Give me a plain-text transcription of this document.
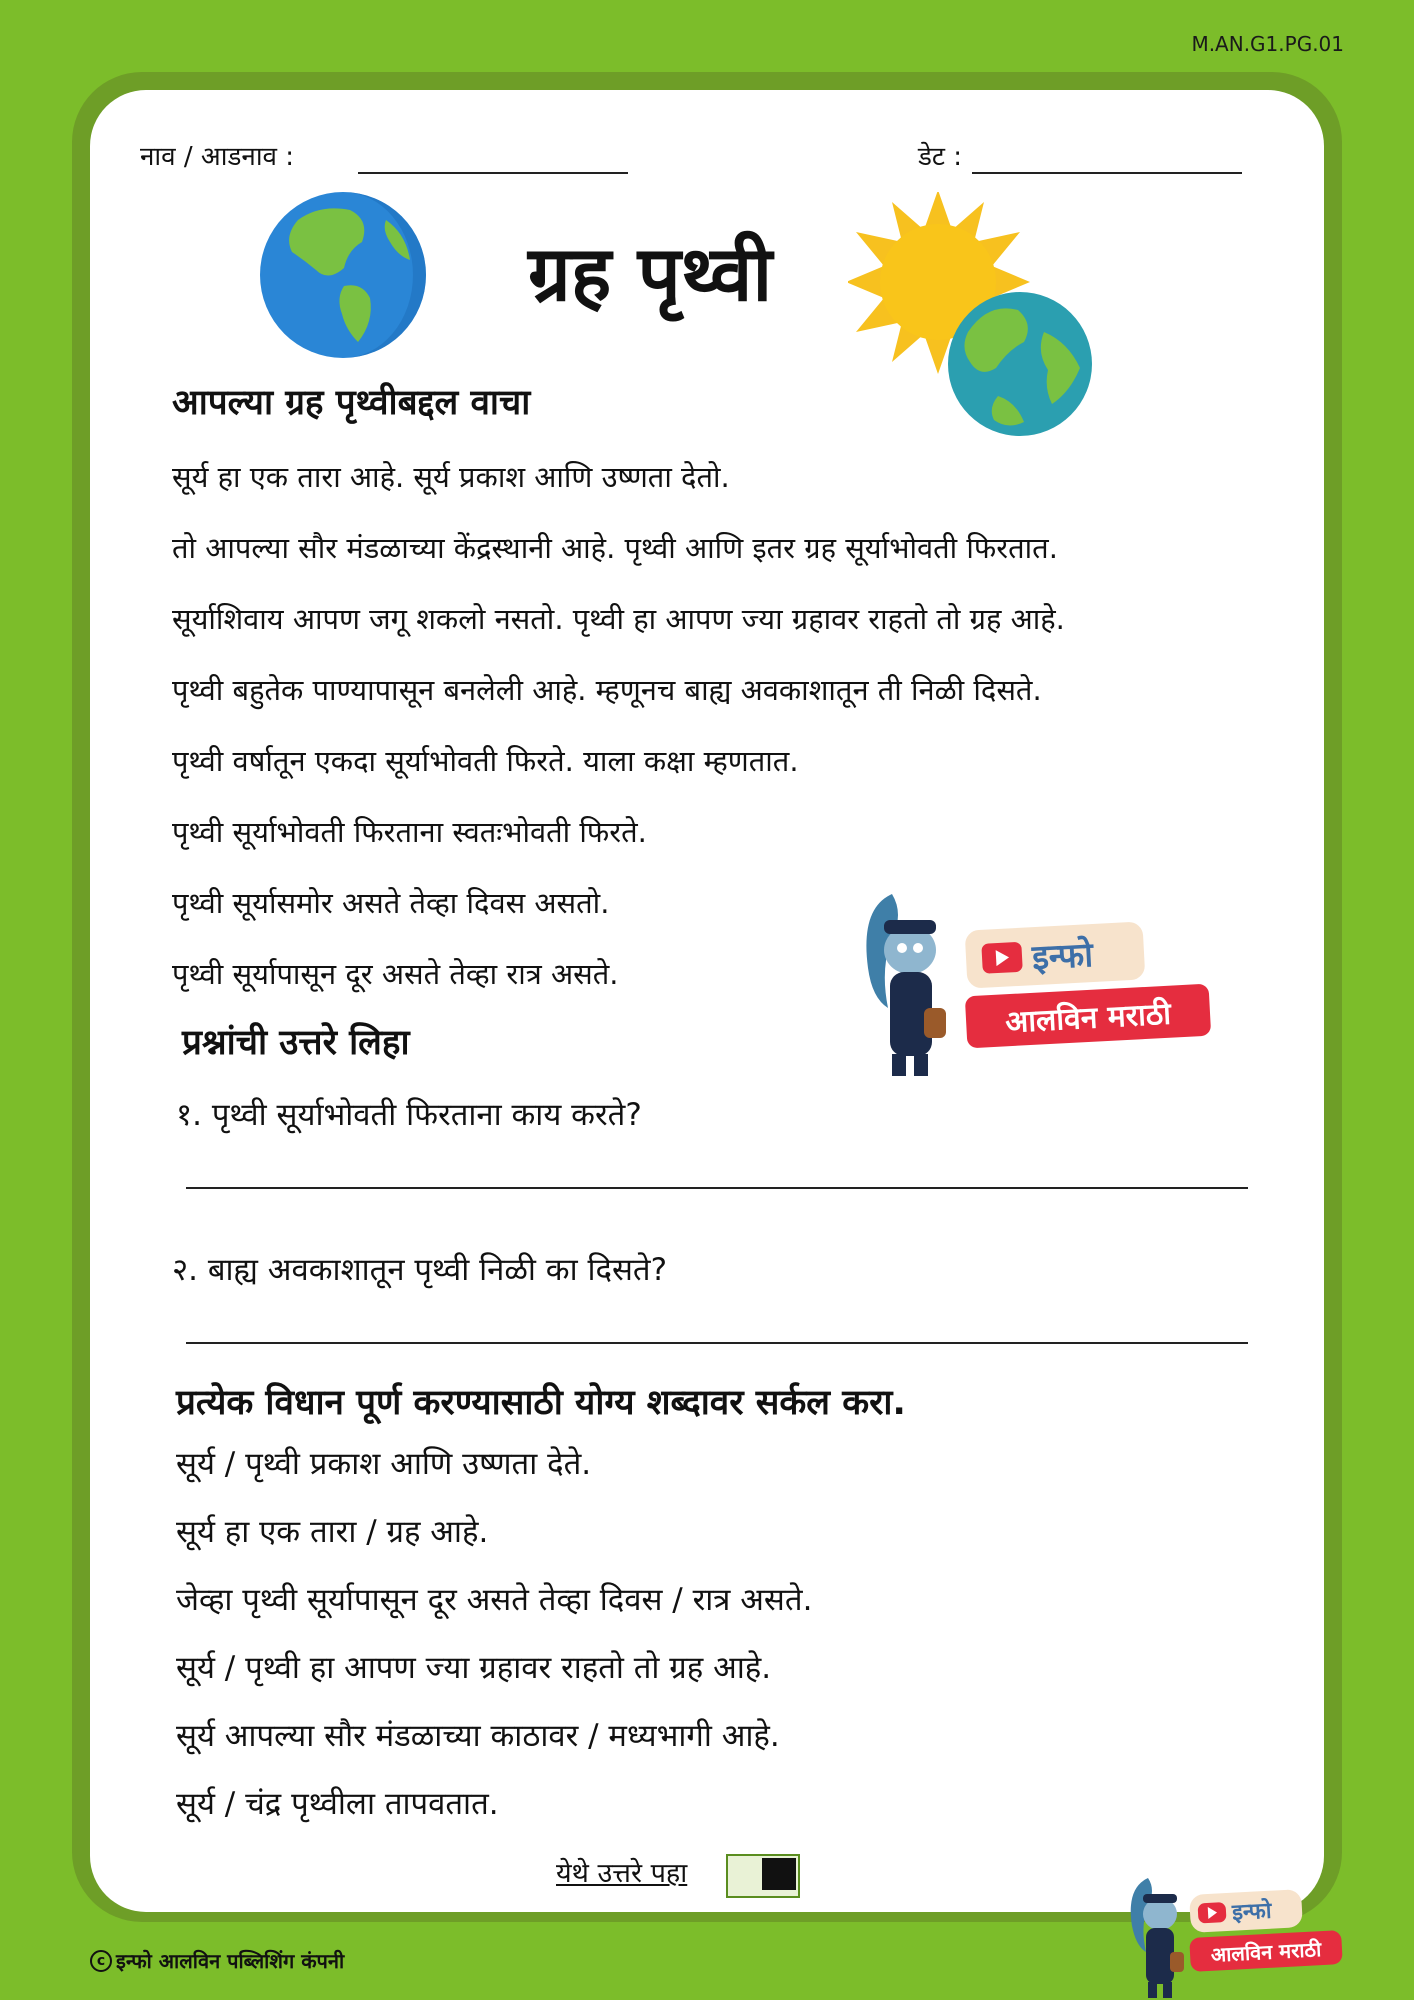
M.AN.G1.PG.01
नाव / आडनाव :	डेट :
ग्रह पृथ्वी
आपल्या ग्रह पृथ्वीबद्दल वाचा
सूर्य हा एक तारा आहे. सूर्य प्रकाश आणि उष्णता देतो.
तो आपल्या सौर मंडळाच्या केंद्रस्थानी आहे. पृथ्वी आणि इतर ग्रह सूर्याभोवती फिरतात.
सूर्याशिवाय आपण जगू शकलो नसतो. पृथ्वी हा आपण ज्या ग्रहावर राहतो तो ग्रह आहे.
पृथ्वी बहुतेक पाण्यापासून बनलेली आहे. म्हणूनच बाह्य अवकाशातून ती निळी दिसते.
पृथ्वी वर्षातून एकदा सूर्याभोवती फिरते. याला कक्षा म्हणतात.
पृथ्वी सूर्याभोवती फिरताना स्वतःभोवती फिरते.
पृथ्वी सूर्यासमोर असते तेव्हा दिवस असतो.
पृथ्वी सूर्यापासून दूर असते तेव्हा रात्र असते.	इन्फो
आलविन मराठी
प्रश्नांची उत्तरे लिहा
१. पृथ्वी सूर्याभोवती फिरताना काय करते?
२. बाह्य अवकाशातून पृथ्वी निळी का दिसते?
प्रत्येक विधान पूर्ण करण्यासाठी योग्य शब्दावर सर्कल करा.
सूर्य / पृथ्वी प्रकाश आणि उष्णता देते.
सूर्य हा एक तारा / ग्रह आहे.
जेव्हा पृथ्वी सूर्यापासून दूर असते तेव्हा दिवस / रात्र असते.
सूर्य / पृथ्वी हा आपण ज्या ग्रहावर राहतो तो ग्रह आहे.
सूर्य आपल्या सौर मंडळाच्या काठावर / मध्यभागी आहे.
सूर्य / चंद्र पृथ्वीला तापवतात.
येथे उत्तरे पहा
इन्फो
आलविन मराठी
c इन्फो आलविन पब्लिशिंग कंपनी
